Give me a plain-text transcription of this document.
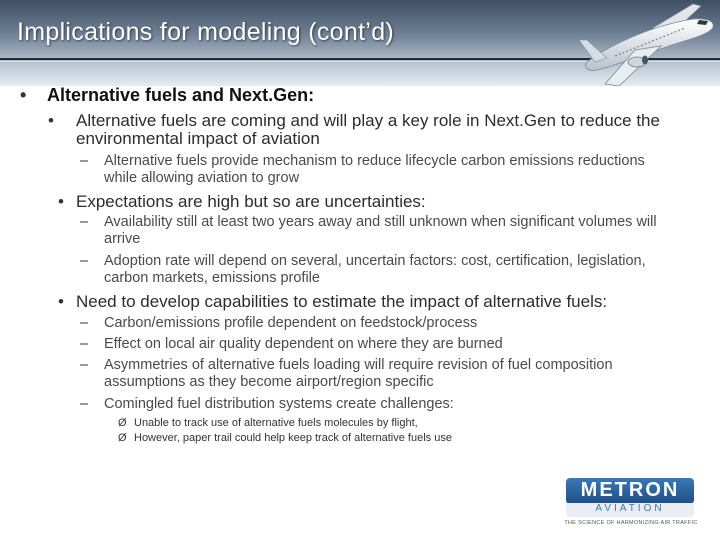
Implications for modeling (cont’d)
• Alternative fuels and Next.Gen:
• Alternative fuels are coming and will play a key role in Next.Gen to reduce the
environmental impact of aviation
– Alternative fuels provide mechanism to reduce lifecycle carbon emissions reductions
while allowing aviation to grow
• Expectations are high but so are uncertainties:
– Availability still at least two years away and still unknown when significant volumes will
arrive
– Adoption rate will depend on several, uncertain factors: cost, certification, legislation,
carbon markets, emissions profile
• Need to develop capabilities to estimate the impact of alternative fuels:
– Carbon/emissions profile dependent on feedstock/process
– Effect on local air quality dependent on where they are burned
– Asymmetries of alternative fuels loading will require revision of fuel composition
assumptions as they become airport/region specific
– Comingled fuel distribution systems create challenges:
Ø Unable to track use of alternative fuels molecules by flight,
Ø However, paper trail could help keep track of alternative fuels use
METRON
AVIATION
THE SCIENCE OF HARMONIZING AIR TRAFFIC
